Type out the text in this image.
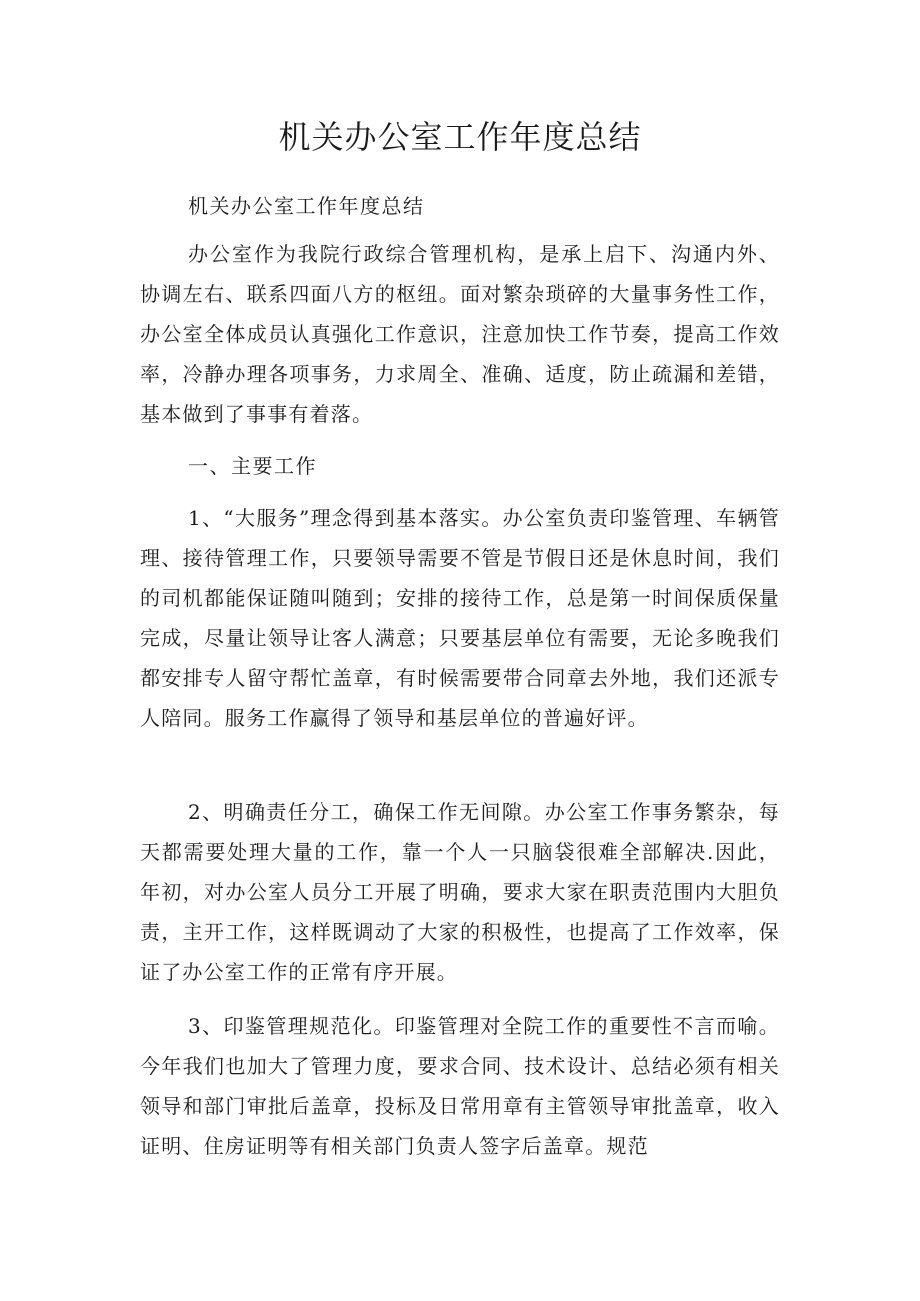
机关办公室工作年度总结
机关办公室工作年度总结

办公室作为我院行政综合管理机构，是承上启下、沟通内外、协调左右、联系四面八方的枢纽。面对繁杂琐碎的大量事务性工作，办公室全体成员认真强化工作意识，注意加快工作节奏，提高工作效率，冷静办理各项事务，力求周全、准确、适度，防止疏漏和差错，基本做到了事事有着落。

一、主要工作

1、“大服务”理念得到基本落实。办公室负责印鉴管理、车辆管理、接待管理工作，只要领导需要不管是节假日还是休息时间，我们的司机都能保证随叫随到；安排的接待工作，总是第一时间保质保量完成，尽量让领导让客人满意；只要基层单位有需要，无论多晚我们都安排专人留守帮忙盖章，有时候需要带合同章去外地，我们还派专人陪同。服务工作赢得了领导和基层单位的普遍好评。

2、明确责任分工，确保工作无间隙。办公室工作事务繁杂，每天都需要处理大量的工作，靠一个人一只脑袋很难全部解决.因此，年初，对办公室人员分工开展了明确，要求大家在职责范围内大胆负责，主开工作，这样既调动了大家的积极性，也提高了工作效率，保证了办公室工作的正常有序开展。

3、印鉴管理规范化。印鉴管理对全院工作的重要性不言而喻。今年我们也加大了管理力度，要求合同、技术设计、总结必须有相关领导和部门审批后盖章，投标及日常用章有主管领导审批盖章，收入证明、住房证明等有相关部门负责人签字后盖章。规范
